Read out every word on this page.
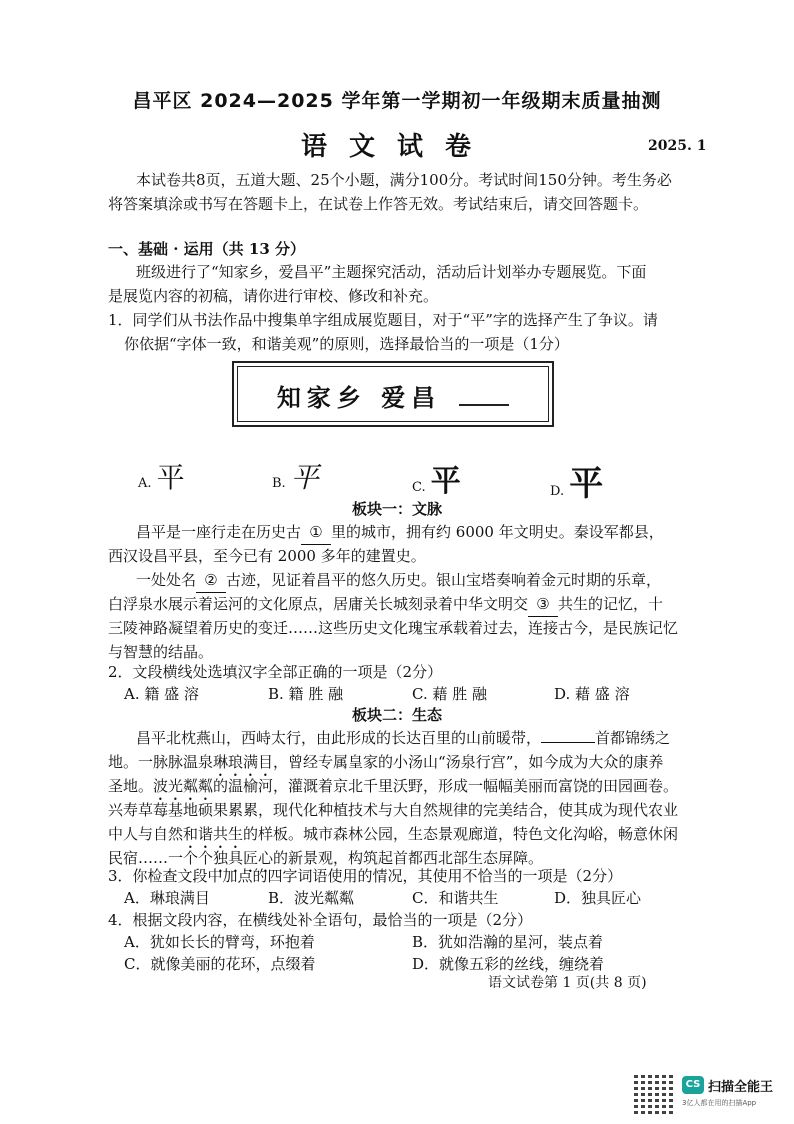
昌平区 2024—2025 学年第一学期初一年级期末质量抽测
语文试卷	2025. 1
本试卷共8页，五道大题、25个小题，满分100分。考试时间150分钟。考生务必
将答案填涂或书写在答题卡上，在试卷上作答无效。考试结束后，请交回答题卡。
一、基础 · 运用（共 13 分）
班级进行了“知家乡，爱昌平”主题探究活动，活动后计划举办专题展览。下面
是展览内容的初稿，请你进行审校、修改和补充。
1．同学们从书法作品中搜集单字组成展览题目，对于“平”字的选择产生了争议。请
你依据“字体一致，和谐美观”的原则，选择最恰当的一项是（1分）
知家乡 爱昌
A. 平	B. 平	C. 平	D. 平
板块一：文脉
昌平是一座行走在历史古 ① 里的城市，拥有约 6000 年文明史。秦设军都县，
西汉设昌平县，至今已有 2000 多年的建置史。
一处处名 ② 古迹，见证着昌平的悠久历史。银山宝塔奏响着金元时期的乐章，
白浮泉水展示着运河的文化原点，居庸关长城刻录着中华文明交 ③ 共生的记忆，十
三陵神路凝望着历史的变迁……这些历史文化瑰宝承载着过去，连接古今，是民族记忆
与智慧的结晶。
2．文段横线处选填汉字全部正确的一项是（2分）
A. 籍 盛 溶	B. 籍 胜 融	C. 藉 胜 融	D. 藉 盛 溶
板块二：生态
昌平北枕燕山，西峙太行，由此形成的长达百里的山前暖带，	首都锦绣之
地。一脉脉温泉琳琅满目，曾经专属皇家的小汤山“汤泉行宫”，如今成为大众的康养
圣地。波光粼粼的温榆河，灌溉着京北千里沃野，形成一幅幅美丽而富饶的田园画卷。
兴寿草莓基地硕果累累，现代化种植技术与大自然规律的完美结合，使其成为现代农业
中人与自然和谐共生的样板。城市森林公园，生态景观廊道，特色文化沟峪，畅意休闲
民宿……一个个独具匠心的新景观，构筑起首都西北部生态屏障。
3．你检查文段中加点的四字词语使用的情况，其使用不恰当的一项是（2分）
A．琳琅满目	B．波光粼粼	C．和谐共生	D．独具匠心
4．根据文段内容，在横线处补全语句，最恰当的一项是（2分）
A．犹如长长的臂弯，环抱着	B．犹如浩瀚的星河，装点着
C．就像美丽的花环，点缀着	D．就像五彩的丝线，缠绕着
语文试卷第 1 页(共 8 页)
CS 扫描全能王
3亿人都在用的扫描App
